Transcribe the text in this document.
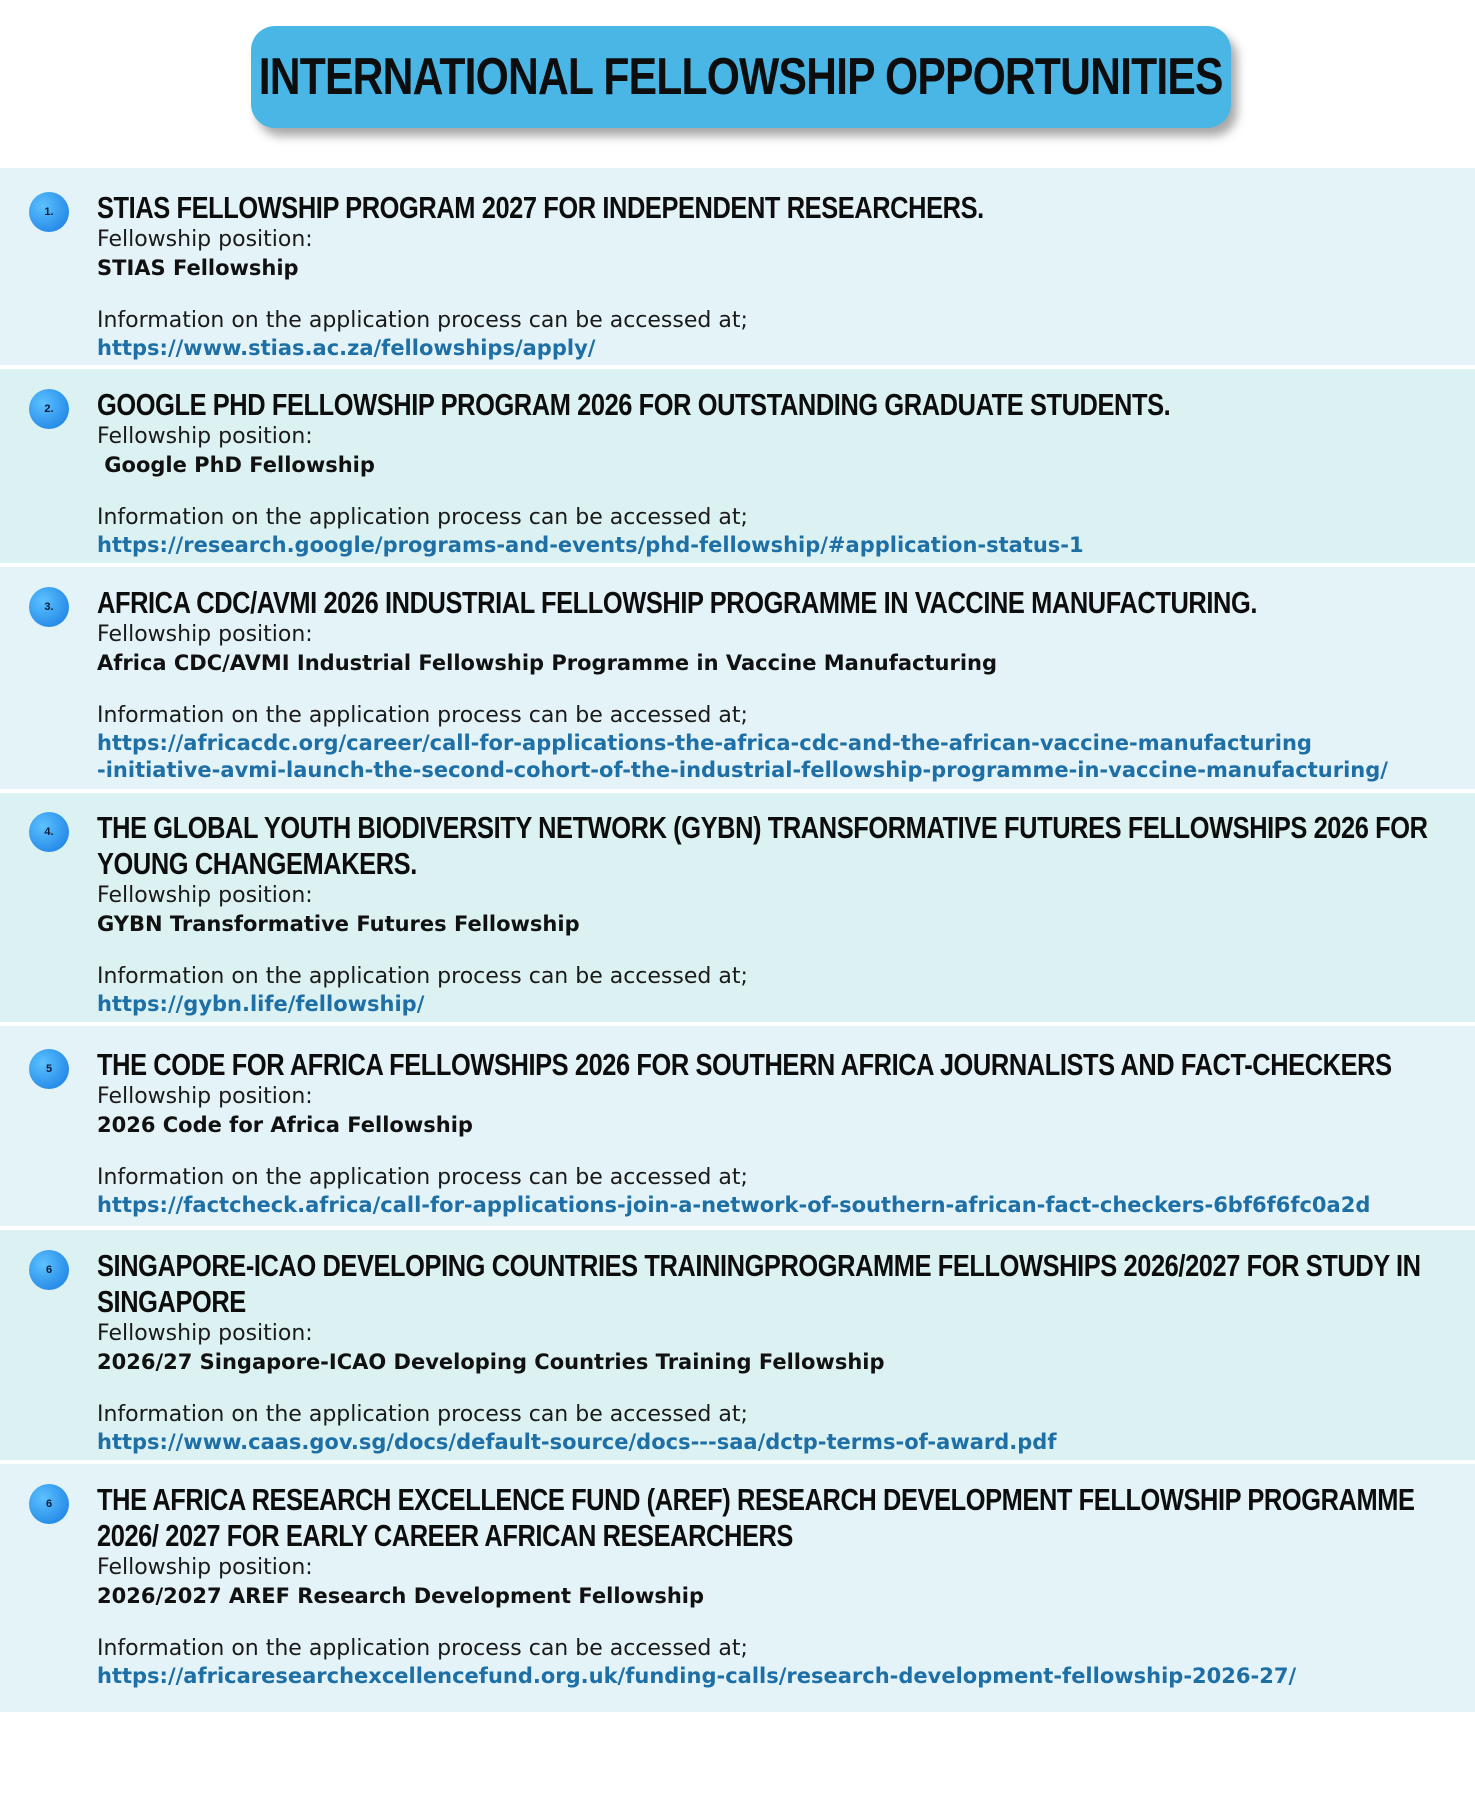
INTERNATIONAL FELLOWSHIP OPPORTUNITIES
1.	STIAS FELLOWSHIP PROGRAM 2027 FOR INDEPENDENT RESEARCHERS.
Fellowship position:
STIAS Fellowship
Information on the application process can be accessed at;
https://www.stias.ac.za/fellowships/apply/
2.	GOOGLE PHD FELLOWSHIP PROGRAM 2026 FOR OUTSTANDING GRADUATE STUDENTS.
Fellowship position:
Google PhD Fellowship
Information on the application process can be accessed at;
https://research.google/programs-and-events/phd-fellowship/#application-status-1
3.	AFRICA CDC/AVMI 2026 INDUSTRIAL FELLOWSHIP PROGRAMME IN VACCINE MANUFACTURING.
Fellowship position:
Africa CDC/AVMI Industrial Fellowship Programme in Vaccine Manufacturing
Information on the application process can be accessed at;
https://africacdc.org/career/call-for-applications-the-africa-cdc-and-the-african-vaccine-manufacturing
-initiative-avmi-launch-the-second-cohort-of-the-industrial-fellowship-programme-in-vaccine-manufacturing/
4.	THE GLOBAL YOUTH BIODIVERSITY NETWORK (GYBN) TRANSFORMATIVE FUTURES FELLOWSHIPS 2026 FOR YOUNG CHANGEMAKERS.
Fellowship position:
GYBN Transformative Futures Fellowship
Information on the application process can be accessed at;
https://gybn.life/fellowship/
5	THE CODE FOR AFRICA FELLOWSHIPS 2026 FOR SOUTHERN AFRICA JOURNALISTS AND FACT-CHECKERS
Fellowship position:
2026 Code for Africa Fellowship
Information on the application process can be accessed at;
https://factcheck.africa/call-for-applications-join-a-network-of-southern-african-fact-checkers-6bf6f6fc0a2d
6	SINGAPORE-ICAO DEVELOPING COUNTRIES TRAININGPROGRAMME FELLOWSHIPS 2026/2027 FOR STUDY IN SINGAPORE
Fellowship position:
2026/27 Singapore-ICAO Developing Countries Training Fellowship
Information on the application process can be accessed at;
https://www.caas.gov.sg/docs/default-source/docs---saa/dctp-terms-of-award.pdf
6	THE AFRICA RESEARCH EXCELLENCE FUND (AREF) RESEARCH DEVELOPMENT FELLOWSHIP PROGRAMME 2026/ 2027 FOR EARLY CAREER AFRICAN RESEARCHERS
Fellowship position:
2026/2027 AREF Research Development Fellowship
Information on the application process can be accessed at;
https://africaresearchexcellencefund.org.uk/funding-calls/research-development-fellowship-2026-27/
